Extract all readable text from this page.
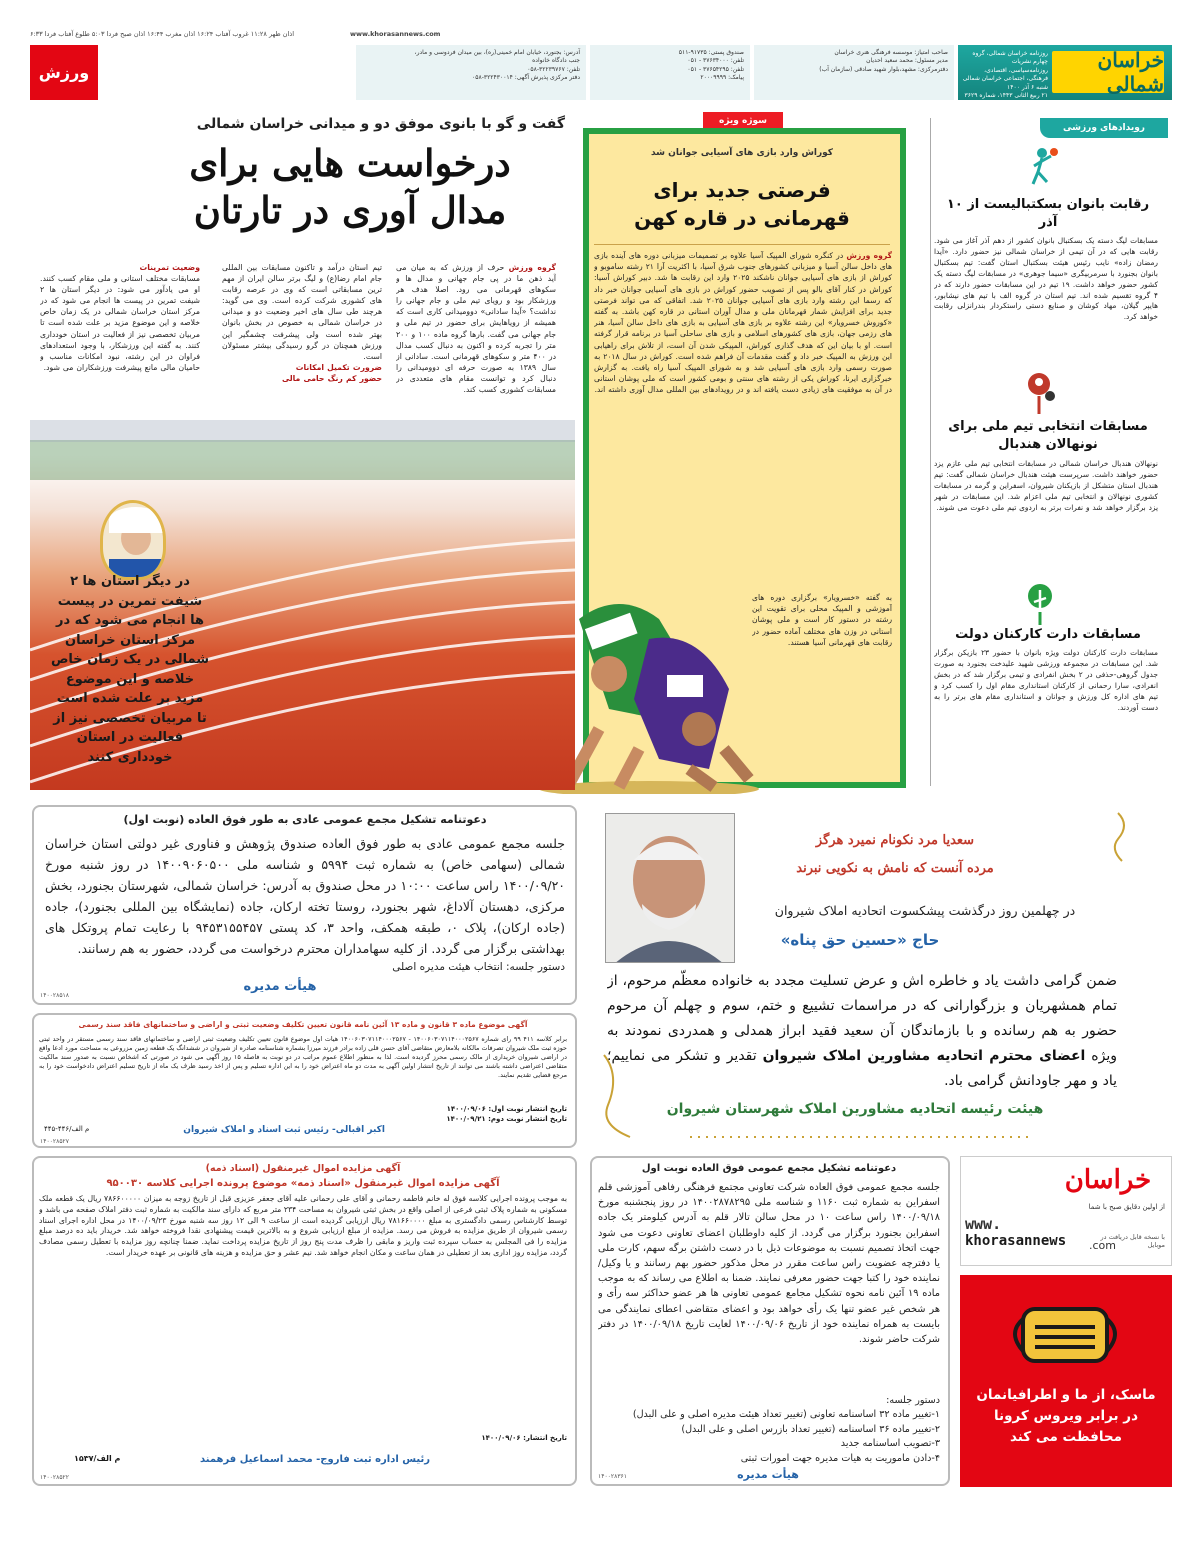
اذان ظهر ۱۱:۲۸ غروب آفتاب ۱۶:۲۴ اذان مغرب ۱۶:۴۴ اذان صبح فردا ۵:۰۳ طلوع آفتاب فردا ۶:۳۳	www.khorasannews.com
خراسان شمالی
روزنامه خراسان شمالی، گروه چهارم نشریات
روزنامه‌سیاسی، اقتصادی، فرهنگی، اجتماعی خراسان شمالی
شنبه ۶ آذر ۱۴۰۰
۲۱ ربیع الثانی ۱۴۴۳، شماره ۳۶۲۹
صاحب امتیاز: موسسه فرهنگی هنری خراسان
مدیر مسئول: محمد سعید احدیان
دفترمرکزی: مشهد،بلوار شهید صادقی (سازمان آب)
صندوق پستی: ۹۱۷۳۵-۵۱۱
تلفن: ۳۷۶۳۴۰۰۰ - ۰۵۱
تلفن: ۳۷۶۵۴۲۹۵ - ۰۵۱
پیامک: ۲۰۰۰۹۹۹۹
آدرس: بجنورد، خیابان امام خمینی(ره)، بین میدان فردوسی و مادر،
جنب دادگاه خانواده
تلفن: ۳۲۲۳۹۷۶۷-۰۵۸
دفتر مرکزی پذیرش آگهی: ۳۲۲۴۳۰۰۱۴-۰۵۸
ورزش
رویدادهای ورزشی
رقابت بانوان بسکتبالیست از ۱۰ آذر
مسابقات لیگ دسته یک بسکتبال بانوان کشور از دهم آذر آغاز می شود. رقابت هایی که در آن تیمی از خراسان شمالی نیز حضور دارد. «آیدا رمضان زاده» نایب رئیس هیئت بسکتبال استان گفت: تیم بسکتبال بانوان بجنورد با سرمربیگری «سیما جوهری» در مسابقات لیگ دسته یک کشور حضور خواهد داشت. ۱۹ تیم در این مسابقات حضور دارند که در ۴ گروه تقسیم شده اند. تیم استان در گروه الف با تیم های نیشابور، هایپر گیلان، مهاد کوشان و صنایع دستی راستکردار بندرانزلی رقابت خواهد کرد.
مسابقات انتخابی تیم ملی برای نونهالان هندبال
نونهالان هندبال خراسان شمالی در مسابقات انتخابی تیم ملی عازم یزد حضور خواهند داشت. سرپرست هیئت هندبال خراسان شمالی گفت: تیم هندبال استان متشکل از بازیکنان شیروان، اسفراین و گرمه در مسابقات کشوری نونهالان و انتخابی تیم ملی اعزام شد. این مسابقات در شهر یزد برگزار خواهد شد و نفرات برتر به اردوی تیم ملی دعوت می شوند.
مسابقات دارت کارکنان دولت
مسابقات دارت کارکنان دولت ویژه بانوان با حضور ۲۳ بازیکن برگزار شد. این مسابقات در مجموعه ورزشی شهید علیدخت بجنورد به صورت جدول گروهی-حذفی در ۲ بخش انفرادی و تیمی برگزار شد که در بخش انفرادی، سارا رحمانی از کارکنان استانداری مقام اول را کسب کرد و تیم های اداره کل ورزش و جوانان و استانداری مقام های برتر را به دست آوردند.
سوژه ویژه
کوراش وارد بازی های آسیایی جوانان شد
فرصتی جدید برای قهرمانی در قاره کهن
گروه ورزش در کنگره شورای المپیک آسیا علاوه بر تصمیمات میزبانی دوره های آینده بازی های داخل سالن آسیا و میزبانی کشورهای جنوب شرق آسیا، با اکثریت آرا ۲۱ رشته ساموبو و کوراش از بازی های آسیایی جوانان ناشکند ۲۰۲۵ وارد این رقابت ها شد. دبیر کوراش آسیا: کوراش در کنار آقای بالو پس از تصویب حضور کوراش در بازی های آسیایی جوانان خبر داد که رسما این رشته وارد بازی های آسیایی جوانان ۲۰۲۵ شد. اتفاقی که می تواند فرصتی جدید برای افزایش شمار قهرمانان ملی و مدال آوران استانی در قاره کهن باشد. به گفته «کوروش خسرویار» این رشته علاوه بر بازی های آسیایی به بازی های داخل سالن آسیا، هنر های رزمی جهان، بازی های کشورهای اسلامی و بازی های ساحلی آسیا در برنامه قرار گرفته است. او با بیان این که هدف گذاری کوراش، المپیکی شدن آن است، از تلاش برای راهیابی این ورزش به المپیک خبر داد و گفت مقدمات آن فراهم شده است. کوراش در سال ۲۰۱۸ به صورت رسمی وارد بازی های آسیایی شد و به شورای المپیک آسیا راه یافت. به گزارش خبرگزاری ایرنا، کوراش یکی از رشته های سنتی و بومی کشور است که ملی پوشان استانی در آن به موفقیت های زیادی دست یافته اند و در رویدادهای بین المللی مدال آوری داشته اند.
به گفته «خسرویار» برگزاری دوره های آموزشی و المپیک محلی برای تقویت این رشته در دستور کار است و ملی پوشان استانی در وزن های مختلف آماده حضور در رقابت های قهرمانی آسیا هستند.
گفت و گو با بانوی موفق دو و میدانی خراسان شمالی
درخواست هایی برای
مدال آوری در تارتان
در دیگر استان ها ۲ شیفت تمرین در پیست ها انجام می شود که در مرکز استان خراسان شمالی در یک زمان خاص خلاصه و این موضوع مزید بر علت شده است تا مربیان تخصصی نیز از فعالیت در استان خودداری کنند
گروه ورزش حرف از ورزش که به میان می آید ذهن ما در پی جام جهانی و مدال ها و سکوهای قهرمانی می رود. اصلا هدف هر ورزشکار بود و رویای تیم ملی و جام جهانی را نداشت؟ «آیدا سادانی» دوومیدانی کاری است که همیشه از رویاهایش برای حضور در تیم ملی و جام جهانی می گفت. بارها گروه ماده ۱۰۰ و ۲۰۰ متر را تجربه کرده و اکنون به دنبال کسب مدال در ۴۰۰ متر و سکوهای قهرمانی است. سادانی از سال ۱۳۸۹ به صورت حرفه ای دوومیدانی را دنبال کرد و توانست مقام های متعددی در مسابقات کشوری کسب کند.
تیم استان درآمد و تاکنون مسابقات بین المللی جام امام رضا(ع) و لیگ برتر سالن ایران از مهم ترین مسابقاتی است که وی در عرصه رقابت های کشوری شرکت کرده است. وی می گوید: هرچند طی سال های اخیر وضعیت دو و میدانی در خراسان شمالی به خصوص در بخش بانوان بهتر شده است ولی پیشرفت چشمگیر این ورزش همچنان در گرو رسیدگی بیشتر مسئولان است.
ضرورت تکمیل امکانات
حضور کم رنگ حامی مالی
وضعیت تمرینات
مسابقات مختلف استانی و ملی مقام کسب کنند. او می یادآور می شود: در دیگر استان ها ۲ شیفت تمرین در پیست ها انجام می شود که در مرکز استان خراسان شمالی در یک زمان خاص خلاصه و این موضوع مزید بر علت شده است تا مربیان تخصصی نیز از فعالیت در استان خودداری کنند. به گفته این ورزشکار، با وجود استعدادهای فراوان در این رشته، نبود امکانات مناسب و حامیان مالی مانع پیشرفت ورزشکاران می شود.
دعوتنامه تشکیل مجمع عمومی عادی به طور فوق العاده (نوبت اول)
جلسه مجمع عمومی عادی به طور فوق العاده صندوق پژوهش و فناوری غیر دولتی استان خراسان شمالی (سهامی خاص) به شماره ثبت ۵۹۹۴ و شناسه ملی ۱۴۰۰۹۰۶۰۵۰۰ در روز شنبه مورخ ۱۴۰۰/۰۹/۲۰ راس ساعت ۱۰:۰۰ در محل صندوق به آدرس: خراسان شمالی، شهرستان بجنورد، بخش مرکزی، دهستان آلاداغ، شهر بجنورد، روستا تخته ارکان، جاده (نمایشگاه بین المللی بجنورد)، جاده (جاده ارکان)، پلاک ۰، طبقه همکف، واحد ۳، کد پستی ۹۴۵۳۱۵۵۴۵۷ با رعایت تمام پروتکل های بهداشتی برگزار می گردد. از کلیه سهامداران محترم درخواست می گردد، حضور به هم رسانند.
دستور جلسه: انتخاب هیئت مدیره اصلی
هیأت مدیره
۱۴۰۰۲۸۵۱۸
آگهی موضوع ماده ۳ قانون و ماده ۱۳ آئین نامه قانون تعیین تکلیف وضعیت ثبتی و اراضی و ساختمانهای فاقد سند رسمی
برابر کلاسه ۴۱۱ ۹۹ رای شماره ۱۴۰۰۶۰۳۰۷۱۱۴۰۰۰۲۵۶۷ - ۱۴۰۰۶۰۳۰۷۱۱۴۰۰۰۲۵۶۷ هیات اول موضوع قانون تعیین تکلیف وضعیت ثبتی اراضی و ساختمانهای فاقد سند رسمی مستقر در واحد ثبتی حوزه ثبت ملک شیروان تصرفات مالکانه بلامعارض متقاضی آقای حسن قلی زاده برادر فرزند میرزا بشماره شناسنامه صادره از شیروان در ششدانگ یک قطعه زمین مزروعی به مساحت مورد ادعا واقع در اراضی شیروان خریداری از مالک رسمی محرز گردیده است. لذا به منظور اطلاع عموم مراتب در دو نوبت به فاصله ۱۵ روز آگهی می شود در صورتی که اشخاص نسبت به صدور سند مالکیت متقاضی اعتراضی داشته باشند می توانند از تاریخ انتشار اولین آگهی به مدت دو ماه اعتراض خود را به این اداره تسلیم و پس از اخذ رسید ظرف یک ماه از تاریخ تسلیم اعتراض دادخواست خود را به مرجع قضایی تقدیم نمایند.
تاریخ انتشار نوبت اول: ۱۴۰۰/۰۹/۰۶
تاریخ انتشار نوبت دوم: ۱۴۰۰/۰۹/۲۱
اکبر اقبالی- رئیس ثبت اسناد و املاک شیروان
م الف/۴۴۶-۴۴۵
۱۴۰۰۲۸۵۲۷
آگهی مزایده اموال غیرمنقول (اسناد ذمه)
آگهی مزایده اموال غیرمنقول «اسناد ذمه» موضوع پرونده اجرایی کلاسه ۹۵۰۰۳۰
به موجب پرونده اجرایی کلاسه فوق له خانم فاطمه رحمانی و آقای علی رحمانی علیه آقای جعفر عزیزی قبل از تاریخ زوجه به میزان ۷۸۶۶۰۰۰۰۰ ریال یک قطعه ملک مسکونی به شماره پلاک ثبتی فرعی از اصلی واقع در بخش ثبتی شیروان به مساحت ۲۳۴ متر مربع که دارای سند مالکیت به شماره ثبت دفتر املاک صفحه می باشد و توسط کارشناس رسمی دادگستری به مبلغ ۷۸۱۶۶۰۰۰۰ ریال ارزیابی گردیده است از ساعت ۹ الی ۱۲ روز سه شنبه مورخ ۱۴۰۰/۰۹/۲۳ در محل اداره اجرای اسناد رسمی شیروان از طریق مزایده به فروش می رسد. مزایده از مبلغ ارزیابی شروع و به بالاترین قیمت پیشنهادی نقدا فروخته خواهد شد. خریدار باید ده درصد مبلغ مزایده را فی المجلس به حساب سپرده ثبت واریز و مابقی را ظرف مدت پنج روز از تاریخ مزایده پرداخت نماید. ضمنا چنانچه روز مزایده با تعطیل رسمی مصادف گردد، مزایده روز اداری بعد از تعطیلی در همان ساعت و مکان انجام خواهد شد. نیم عشر و حق مزایده و هزینه های قانونی بر عهده خریدار است.
تاریخ انتشار: ۱۴۰۰/۰۹/۰۶
رئیس اداره ثبت فاروج- محمد اسماعیل فرهمند
م الف/۱۵۳۷
۱۴۰۰۲۸۵۲۲
سعدیا مرد نکونام نمیرد هرگز
مرده آنست که نامش به نکویی نبرند
در چهلمین روز درگذشت پیشکسوت اتحادیه املاک شیروان
حاج «حسین حق پناه»
ضمن گرامی داشت یاد و خاطره اش و عرض تسلیت مجدد به خانواده معظّم مرحوم، از تمام همشهریان و بزرگوارانی که در مراسمات تشییع و ختم، سوم و چهلم آن مرحوم حضور به هم رسانده و با بازماندگان آن سعید فقید ابراز همدلی و همدردی نمودند به ویژه اعضای محترم اتحادیه مشاورین املاک شیروان تقدیر و تشکر می نماییم؛ یاد و مهر جاودانش گرامی باد.
هیئت رئیسه اتحادیه مشاورین املاک شهرستان شیروان
دعوتنامه تشکیل مجمع عمومی فوق العاده نوبت اول
جلسه مجمع عمومی فوق العاده شرکت تعاونی مجتمع فرهنگی رفاهی آموزشی قلم اسفراین به شماره ثبت ۱۱۶۰ و شناسه ملی ۱۴۰۰۲۸۷۸۲۹۵ در روز پنجشنبه مورخ ۱۴۰۰/۰۹/۱۸ راس ساعت ۱۰ در محل سالن تالار قلم به آدرس کیلومتر یک جاده اسفراین بجنورد برگزار می گردد. از کلیه داوطلبان اعضای تعاونی دعوت می شود جهت اتخاذ تصمیم نسبت به موضوعات ذیل با در دست داشتن برگه سهم، کارت ملی یا دفترچه عضویت راس ساعت مقرر در محل مذکور حضور بهم رسانند و یا وکیل/نماینده خود را کتبا جهت حضور معرفی نمایند. ضمنا به اطلاع می رساند که به موجب ماده ۱۹ آئین نامه نحوه تشکیل مجامع عمومی تعاونی ها هر عضو حداکثر سه رأی و هر شخص غیر عضو تنها یک رأی خواهد بود و اعضای متقاضی اعطای نمایندگی می بایست به همراه نماینده خود از تاریخ ۱۴۰۰/۰۹/۰۶ لغایت تاریخ ۱۴۰۰/۰۹/۱۸ در دفتر شرکت حاضر شوند.
دستور جلسه:
۱-تغییر ماده ۳۲ اساسنامه تعاونی (تغییر تعداد هیئت مدیره اصلی و علی البدل)
۲-تغییر ماده ۳۶ اساسنامه (تغییر تعداد بازرس اصلی و علی البدل)
۳-تصویب اساسنامه جدید
۴-دادن ماموریت به هیات مدیره جهت امورات ثبتی
هیأت مدیره
۱۴۰۰۲۸۳۶۱
خراسان
از اولین دقایق صبح با شما
www.
khorasannews	.com
با نسخه قابل دریافت در موبایل
ماسک، از ما و اطرافیانمان در برابر ویروس کرونا محافظت می کند
